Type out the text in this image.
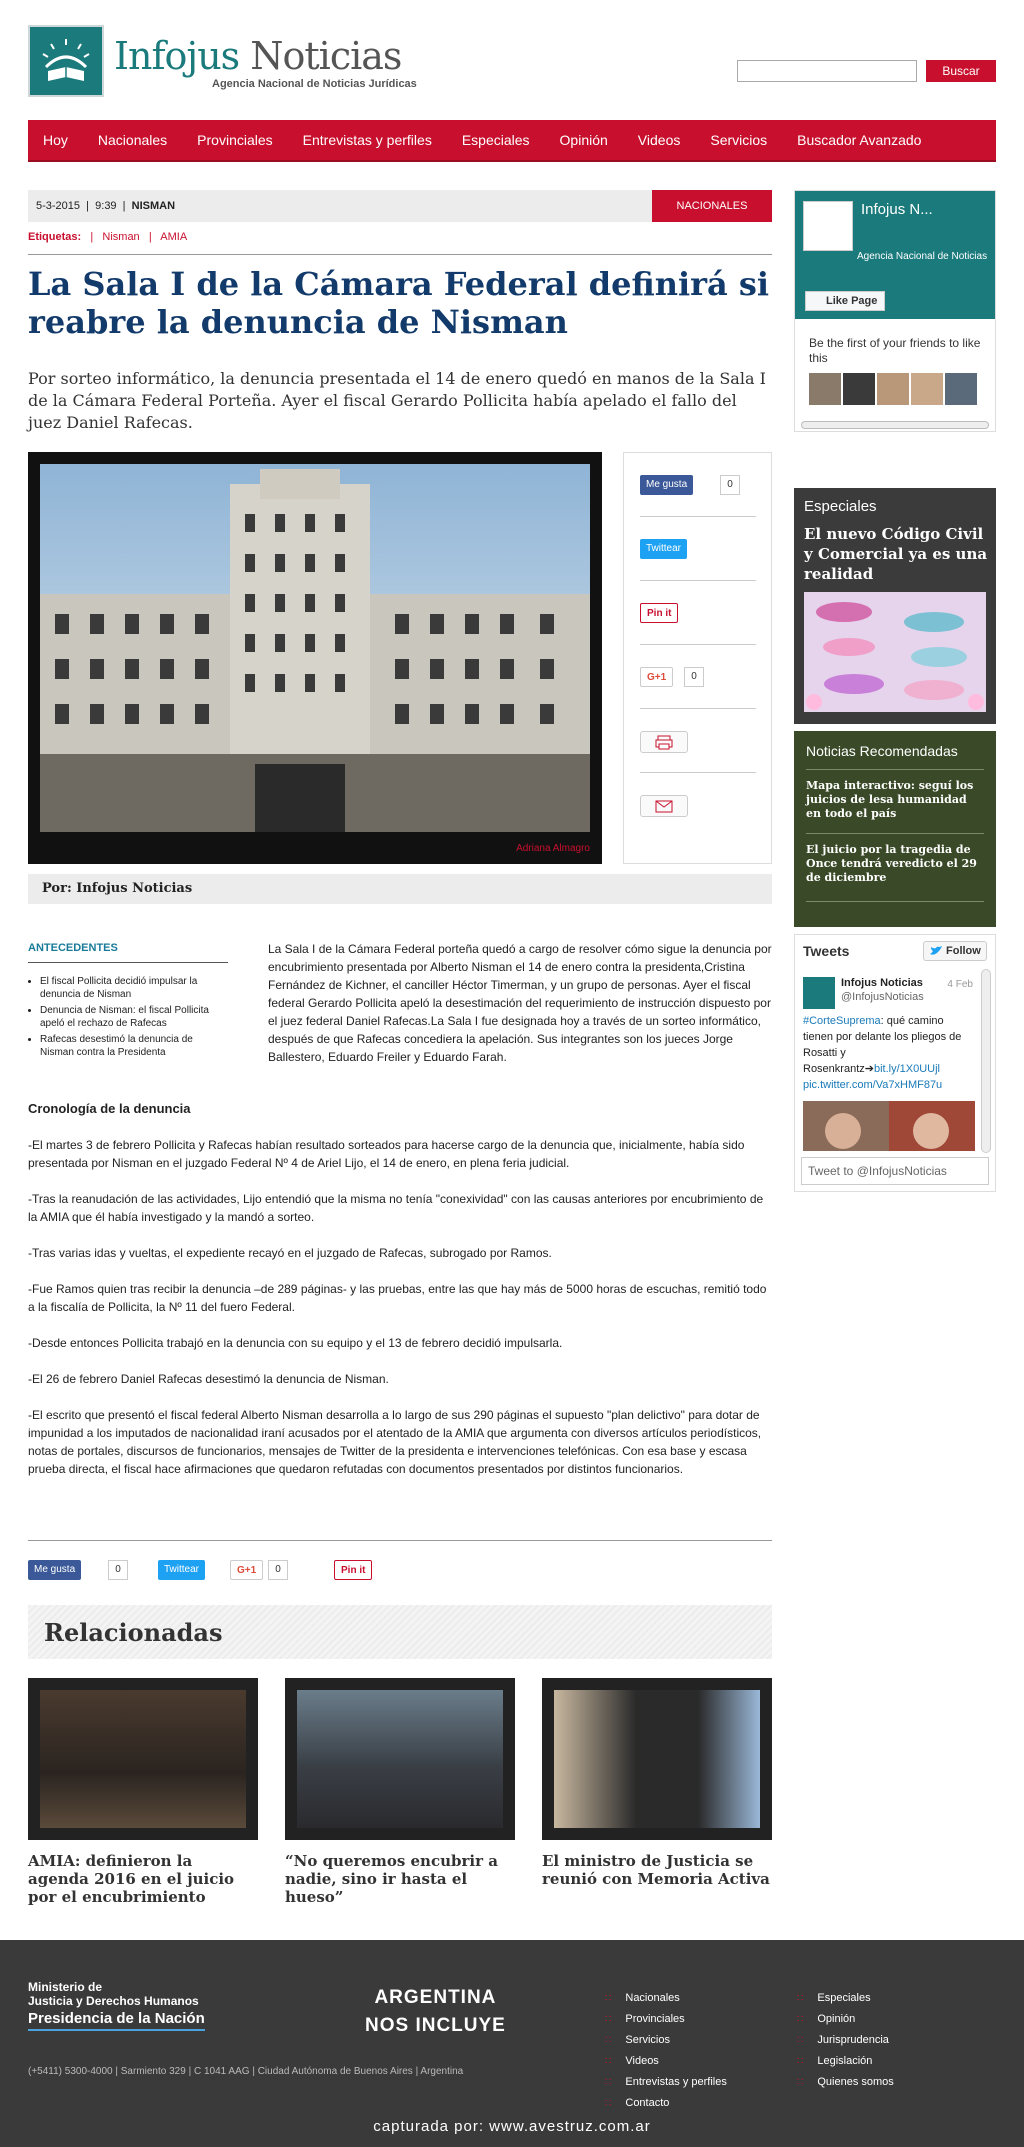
Infojus Noticias
Agencia Nacional de Noticias Jurídicas
Buscar
Hoy	Nacionales	Provinciales	Entrevistas y perfiles	Especiales	Opinión	Videos	Servicios	Buscador Avanzado
5-3-2015  |  9:39  |  NISMAN	NACIONALES
Etiquetas:   |   Nisman   |   AMIA
La Sala I de la Cámara Federal definirá si reabre la denuncia de Nisman

Por sorteo informático, la denuncia presentada el 14 de enero quedó en manos de la Sala I de la Cámara Federal Porteña. Ayer el fiscal Gerardo Pollicita había apelado el fallo del juez Daniel Rafecas.

Adriana Almagro
Me gusta	0
Twittear
Pin it
G+1	0
Por: Infojus Noticias
ANTECEDENTES
• El fiscal Pollicita decidió impulsar la denuncia de Nisman
• Denuncia de Nisman: el fiscal Pollicita apeló el rechazo de Rafecas
• Rafecas desestimó la denuncia de Nisman contra la Presidenta

La Sala I de la Cámara Federal porteña quedó a cargo de resolver cómo sigue la denuncia por encubrimiento presentada por Alberto Nisman el 14 de enero contra la presidenta,Cristina Fernández de Kichner, el canciller Héctor Timerman, y un grupo de personas. Ayer el fiscal federal Gerardo Pollicita apeló la desestimación del requerimiento de instrucción dispuesto por el juez federal Daniel Rafecas.La Sala I fue designada hoy a través de un sorteo informático, después de que Rafecas concediera la apelación. Sus integrantes son los jueces Jorge Ballestero, Eduardo Freiler y Eduardo Farah.

Cronología de la denuncia

-El martes 3 de febrero Pollicita y Rafecas habían resultado sorteados para hacerse cargo de la denuncia que, inicialmente, había sido presentada por Nisman en el juzgado Federal Nº 4 de Ariel Lijo, el 14 de enero, en plena feria judicial.

-Tras la reanudación de las actividades, Lijo entendió que la misma no tenía "conexividad" con las causas anteriores por encubrimiento de la AMIA que él había investigado y la mandó a sorteo.

-Tras varias idas y vueltas, el expediente recayó en el juzgado de Rafecas, subrogado por Ramos.

-Fue Ramos quien tras recibir la denuncia –de 289 páginas- y las pruebas, entre las que hay más de 5000 horas de escuchas, remitió todo a la fiscalía de Pollicita, la Nº 11 del fuero Federal.

-Desde entonces Pollicita trabajó en la denuncia con su equipo y el 13 de febrero decidió impulsarla.

-El 26 de febrero Daniel Rafecas desestimó la denuncia de Nisman.

-El escrito que presentó el fiscal federal Alberto Nisman desarrolla a lo largo de sus 290 páginas el supuesto "plan delictivo" para dotar de impunidad a los imputados de nacionalidad iraní acusados por el atentado de la AMIA que argumenta con diversos artículos periodísticos, notas de portales, discursos de funcionarios, mensajes de Twitter de la presidenta e intervenciones telefónicas. Con esa base y escasa prueba directa, el fiscal hace afirmaciones que quedaron refutadas con documentos presentados por distintos funcionarios.

Me gusta	0	Twittear	G+1	0	Pin it
Relacionadas
AMIA: definieron la agenda 2016 en el juicio por el encubrimiento
“No queremos encubrir a nadie, sino ir hasta el hueso”
El ministro de Justicia se reunió con Memoria Activa
Infojus N...
Agencia Nacional de Noticias
Like Page
Be the first of your friends to like this
Especiales
El nuevo Código Civil y Comercial ya es una realidad
Noticias Recomendadas
Mapa interactivo: seguí los juicios de lesa humanidad en todo el país
El juicio por la tragedia de Once tendrá veredicto el 29 de diciembre
Tweets	Follow
Infojus Noticias
@InfojusNoticias
4 Feb
#CorteSuprema: qué camino tienen por delante los pliegos de Rosatti y Rosenkrantz➔bit.ly/1X0UUjl
pic.twitter.com/Va7xHMF87u
Tweet to @InfojusNoticias
Ministerio de
Justicia y Derechos Humanos
Presidencia de la Nación
ARGENTINA
NOS INCLUYE
(+5411) 5300-4000 | Sarmiento 329 | C 1041 AAG | Ciudad Autónoma de Buenos Aires | Argentina
∷ Nacionales
∷ Provinciales
∷ Servicios
∷ Videos
∷ Entrevistas y perfiles
∷ Contacto
∷ Especiales
∷ Opinión
∷ Jurisprudencia
∷ Legislación
∷ Quienes somos
capturada por: www.avestruz.com.ar
